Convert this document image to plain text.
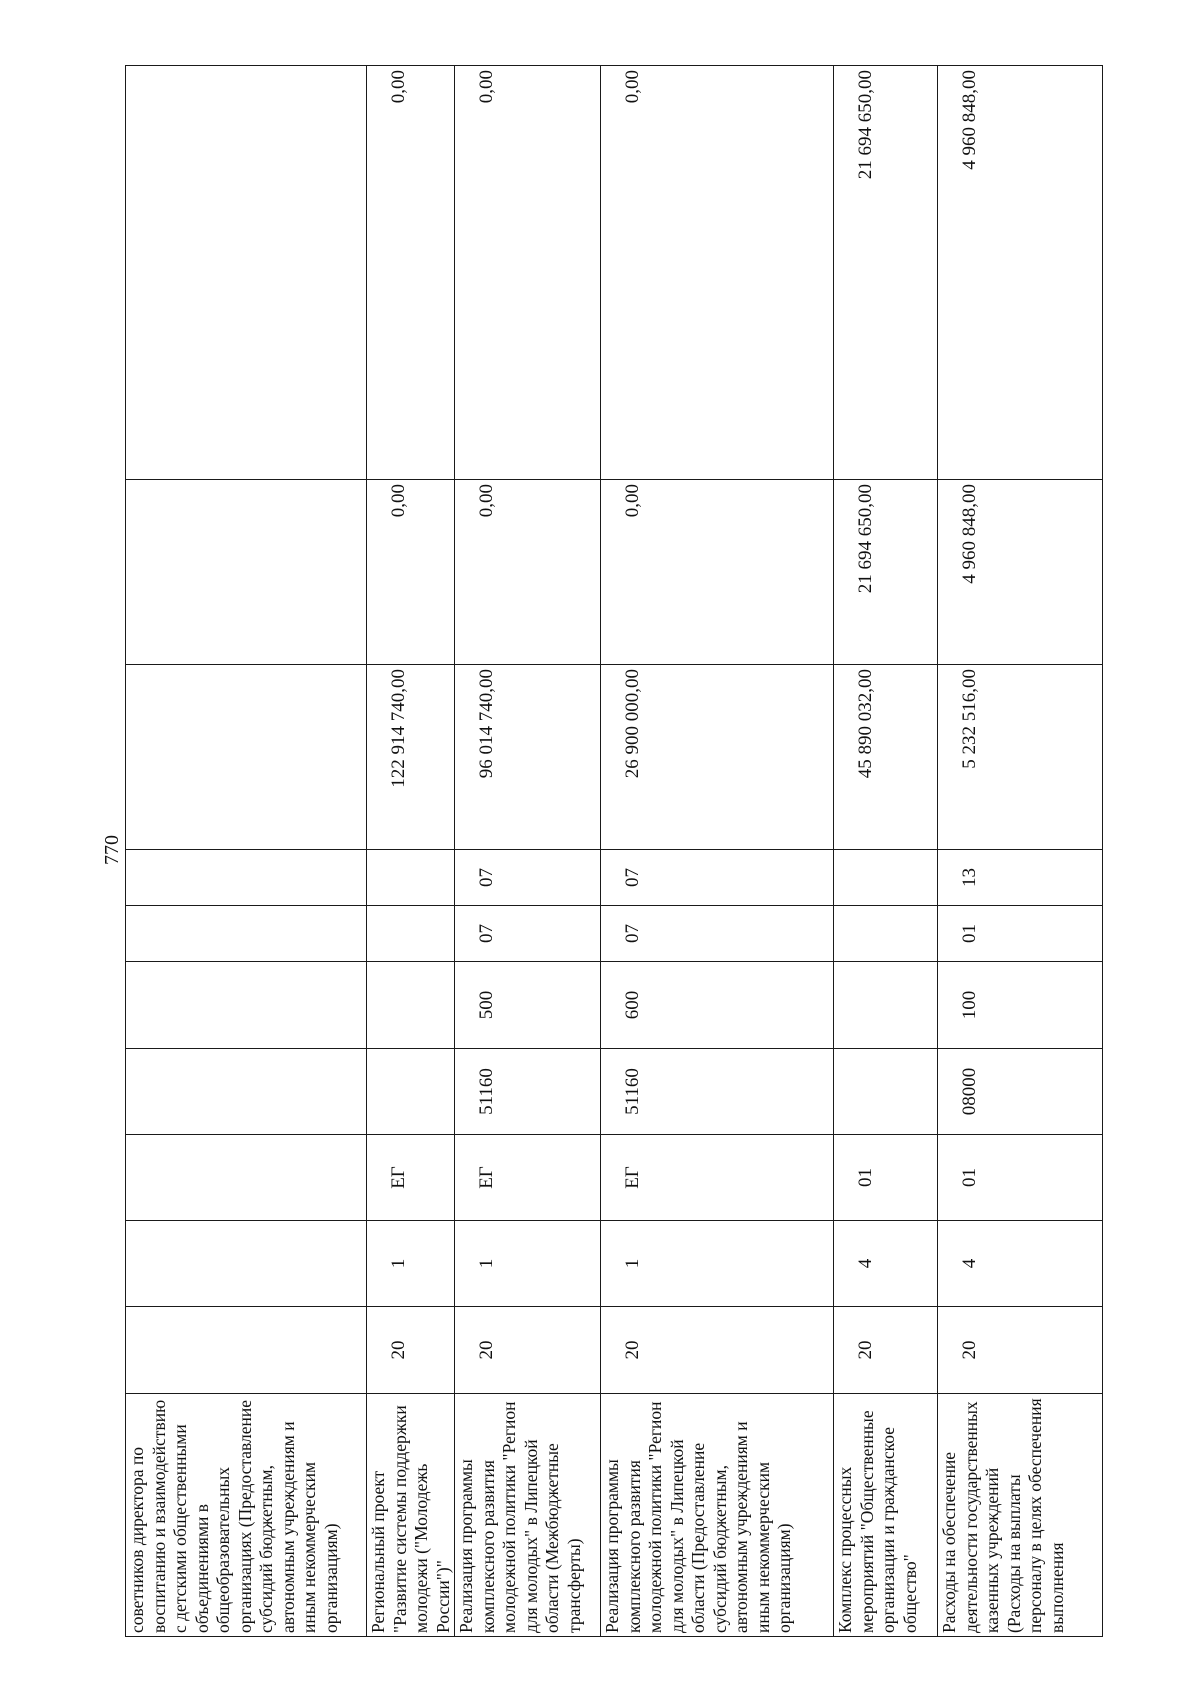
770
советников директора по воспитанию и взаимодействию с детскими общественными объединениями в общеобразовательных организациях (Предоставление субсидий бюджетным, автономным учреждениям и иным некоммерческим организациям)										
Региональный проект "Развитие системы поддержки молодежи ("Молодежь России")"	20	1	ЕГ					122 914 740,00	0,00	0,00
Реализация программы комплексного развития молодежной политики "Регион для молодых" в Липецкой области (Межбюджетные трансферты)	20	1	ЕГ	51160	500	07	07	96 014 740,00	0,00	0,00
Реализация программы комплексного развития молодежной политики "Регион для молодых" в Липецкой области (Предоставление субсидий бюджетным, автономным учреждениям и иным некоммерческим организациям)	20	1	ЕГ	51160	600	07	07	26 900 000,00	0,00	0,00
Комплекс процессных мероприятий "Общественные организации и гражданское общество"	20	4	01					45 890 032,00	21 694 650,00	21 694 650,00
Расходы на обеспечение деятельности государственных казенных учреждений (Расходы на выплаты персоналу в целях обеспечения выполнения	20	4	01	08000	100	01	13	5 232 516,00	4 960 848,00	4 960 848,00
